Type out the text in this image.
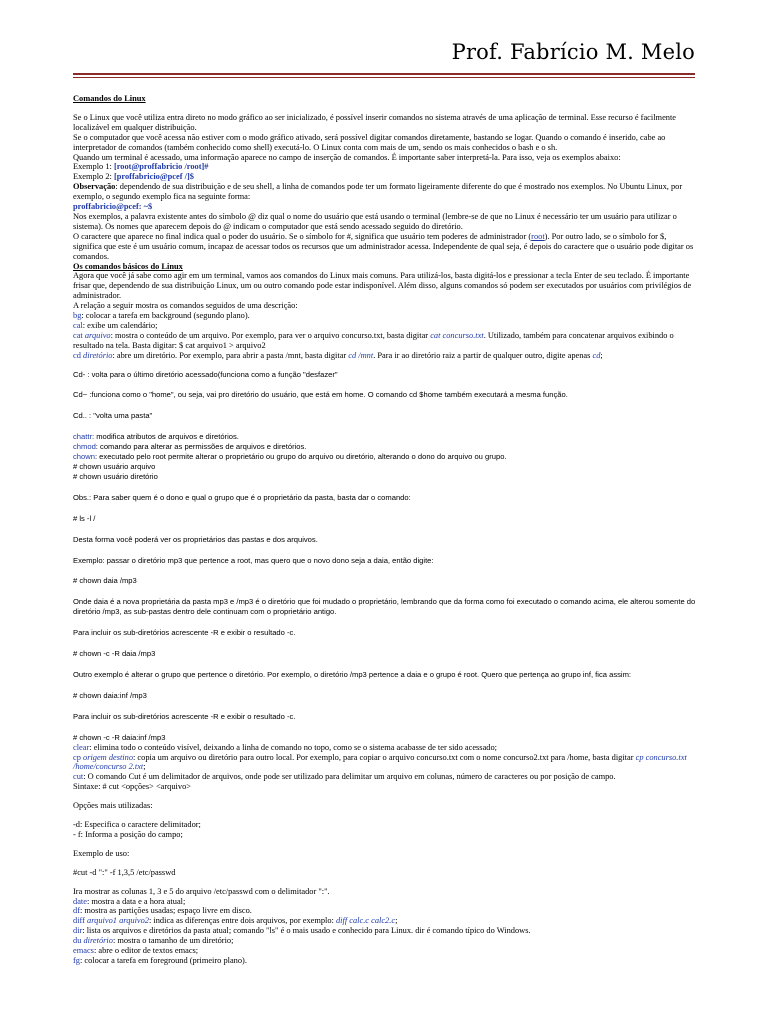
Prof. Fabrício M. Melo

Comandos do Linux

Se o Linux que você utiliza entra direto no modo gráfico ao ser inicializado, é possível inserir comandos no sistema através de uma aplicação de terminal. Esse recurso é facilmente localizável em qualquer distribuição.

Se o computador que você acessa não estiver com o modo gráfico ativado, será possível digitar comandos diretamente, bastando se logar. Quando o comando é inserido, cabe ao interpretador de comandos (também conhecido como shell) executá-lo. O Linux conta com mais de um, sendo os mais conhecidos o bash e o sh.

Quando um terminal é acessado, uma informação aparece no campo de inserção de comandos. É importante saber interpretá-la. Para isso, veja os exemplos abaixo:

Exemplo 1: [root@proffabricio /root]#

Exemplo 2: [proffabricio@pcef /]$

Observação: dependendo de sua distribuição e de seu shell, a linha de comandos pode ter um formato ligeiramente diferente do que é mostrado nos exemplos. No Ubuntu Linux, por exemplo, o segundo exemplo fica na seguinte forma:

proffabricio@pcef: ~$

Nos exemplos, a palavra existente antes do símbolo @ diz qual o nome do usuário que está usando o terminal (lembre-se de que no Linux é necessário ter um usuário para utilizar o sistema). Os nomes que aparecem depois do @ indicam o computador que está sendo acessado seguido do diretório.

O caractere que aparece no final indica qual o poder do usuário. Se o símbolo for #, significa que usuário tem poderes de administrador (root). Por outro lado, se o símbolo for $, significa que este é um usuário comum, incapaz de acessar todos os recursos que um administrador acessa. Independente de qual seja, é depois do caractere que o usuário pode digitar os comandos.

Os comandos básicos do Linux

Agora que você já sabe como agir em um terminal, vamos aos comandos do Linux mais comuns. Para utilizá-los, basta digitá-los e pressionar a tecla Enter de seu teclado. É importante frisar que, dependendo de sua distribuição Linux, um ou outro comando pode estar indisponível. Além disso, alguns comandos só podem ser executados por usuários com privilégios de administrador.

A relação a seguir mostra os comandos seguidos de uma descrição:

bg: colocar a tarefa em background (segundo plano).

cal: exibe um calendário;

cat arquivo: mostra o conteúdo de um arquivo. Por exemplo, para ver o arquivo concurso.txt, basta digitar cat concurso.txt. Utilizado, também para concatenar arquivos exibindo o resultado na tela. Basta digitar: $ cat arquivo1 > arquivo2

cd diretório: abre um diretório. Por exemplo, para abrir a pasta /mnt, basta digitar cd /mnt. Para ir ao diretório raiz a partir de qualquer outro, digite apenas cd;

Cd- : volta para o último diretório acessado(funciona como a função "desfazer"

Cd~ :funciona como o "home", ou seja, vai pro diretório do usuário, que está em home. O comando cd $home também executará a mesma função.

Cd.. : "volta uma pasta"

chattr: modifica atributos de arquivos e diretórios.

chmod: comando para alterar as permissões de arquivos e diretórios.

chown: executado pelo root permite alterar o proprietário ou grupo do arquivo ou diretório, alterando o dono do arquivo ou grupo.

# chown usuário arquivo

# chown usuário diretório

Obs.: Para saber quem é o dono e qual o grupo que é o proprietário da pasta, basta dar o comando:

# ls -l /

Desta forma você poderá ver os proprietários das pastas e dos arquivos.

Exemplo: passar o diretório mp3 que pertence a root, mas quero que o novo dono seja a daia, então digite:

# chown daia /mp3

Onde daia é a nova proprietária da pasta mp3 e /mp3 é o diretório que foi mudado o proprietário, lembrando que da forma como foi executado o comando acima, ele alterou somente do diretório /mp3, as sub-pastas dentro dele continuam com o proprietário antigo.

Para incluir os sub-diretórios acrescente -R e exibir o resultado -c.

# chown -c -R daia /mp3

Outro exemplo é alterar o grupo que pertence o diretório. Por exemplo, o diretório /mp3 pertence a daia e o grupo é root. Quero que pertença ao grupo inf, fica assim:

# chown daia:inf /mp3

Para incluir os sub-diretórios acrescente -R e exibir o resultado -c.

# chown -c -R daia:inf /mp3

clear: elimina todo o conteúdo visível, deixando a linha de comando no topo, como se o sistema acabasse de ter sido acessado;

cp origem destino: copia um arquivo ou diretório para outro local. Por exemplo, para copiar o arquivo concurso.txt com o nome concurso2.txt para /home, basta digitar cp concurso.txt /home/concurso 2.txt;

cut: O comando Cut é um delimitador de arquivos, onde pode ser utilizado para delimitar um arquivo em colunas, número de caracteres ou por posição de campo.

Sintaxe: # cut <opções> <arquivo>

Opções mais utilizadas:

-d: Especifica o caractere delimitador;

- f: Informa a posição do campo;

Exemplo de uso:

#cut -d ":" -f 1,3,5 /etc/passwd

Ira mostrar as colunas 1, 3 e 5 do arquivo /etc/passwd com o delimitador ":".

date: mostra a data e a hora atual;

df: mostra as partições usadas; espaço livre em disco.

diff arquivo1 arquivo2: indica as diferenças entre dois arquivos, por exemplo: diff calc.c calc2.c;

dir: lista os arquivos e diretórios da pasta atual; comando "ls" é o mais usado e conhecido para Linux. dir é comando típico do Windows.

du diretório: mostra o tamanho de um diretório;

emacs: abre o editor de textos emacs;

fg: colocar a tarefa em foreground (primeiro plano).
